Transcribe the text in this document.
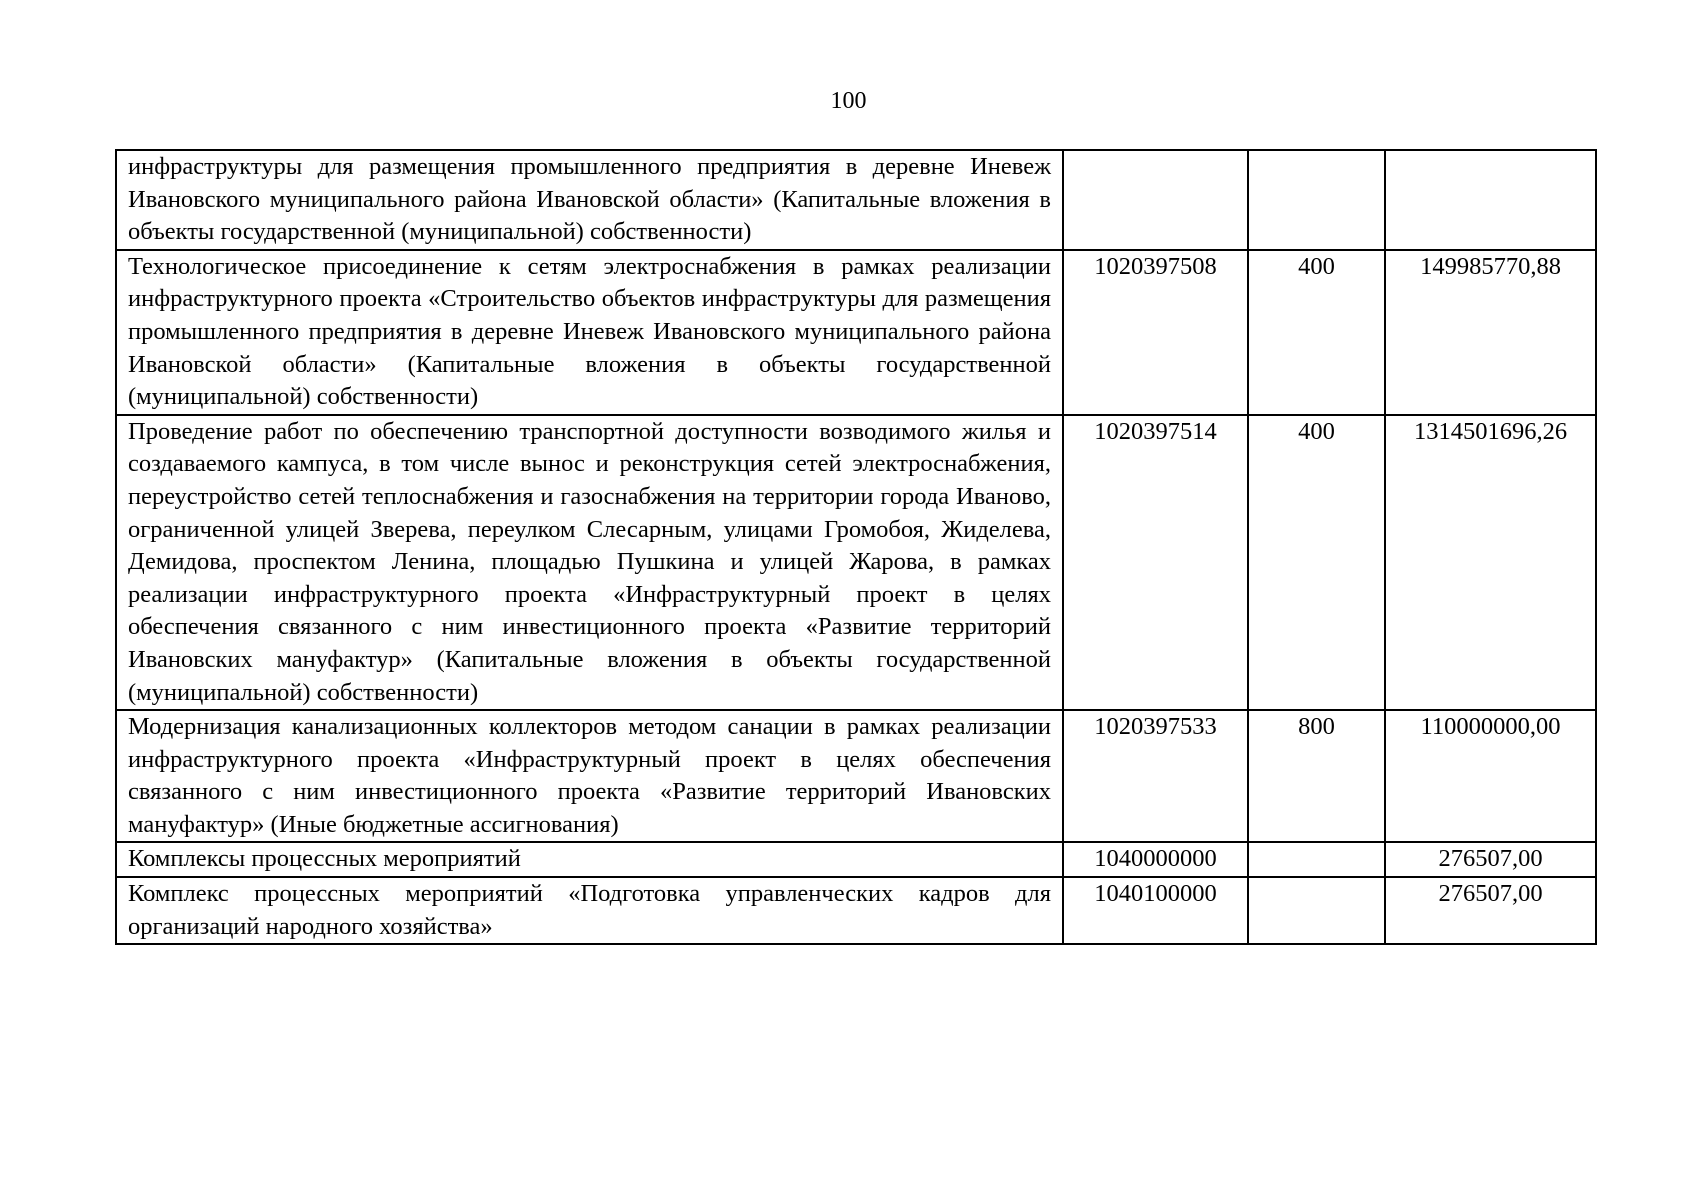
100
инфраструктуры для размещения промышленного предприятия в деревне Иневеж Ивановского муниципального района Ивановской области» (Капитальные вложения в объекты государственной (муниципальной) собственности)			
Технологическое присоединение к сетям электроснабжения в рамках реализации инфраструктурного проекта «Строительство объектов инфраструктуры для размещения промышленного предприятия в деревне Иневеж Ивановского муниципального района Ивановской области» (Капитальные вложения в объекты государственной (муниципальной) собственности)	1020397508	400	149985770,88
Проведение работ по обеспечению транспортной доступности возводимого жилья и создаваемого кампуса, в том числе вынос и реконструкция сетей электроснабжения, переустройство сетей теплоснабжения и газоснабжения на территории города Иваново, ограниченной улицей Зверева, переулком Слесарным, улицами Громобоя, Жиделева, Демидова, проспектом Ленина, площадью Пушкина и улицей Жарова, в рамках реализации инфраструктурного проекта «Инфраструктурный проект в целях обеспечения связанного с ним инвестиционного проекта «Развитие территорий Ивановских мануфактур» (Капитальные вложения в объекты государственной (муниципальной) собственности)	1020397514	400	1314501696,26
Модернизация канализационных коллекторов методом санации в рамках реализации инфраструктурного проекта «Инфраструктурный проект в целях обеспечения связанного с ним инвестиционного проекта «Развитие территорий Ивановских мануфактур» (Иные бюджетные ассигнования)	1020397533	800	110000000,00
Комплексы процессных мероприятий	1040000000		276507,00
Комплекс процессных мероприятий «Подготовка управленческих кадров для организаций народного хозяйства»	1040100000		276507,00
